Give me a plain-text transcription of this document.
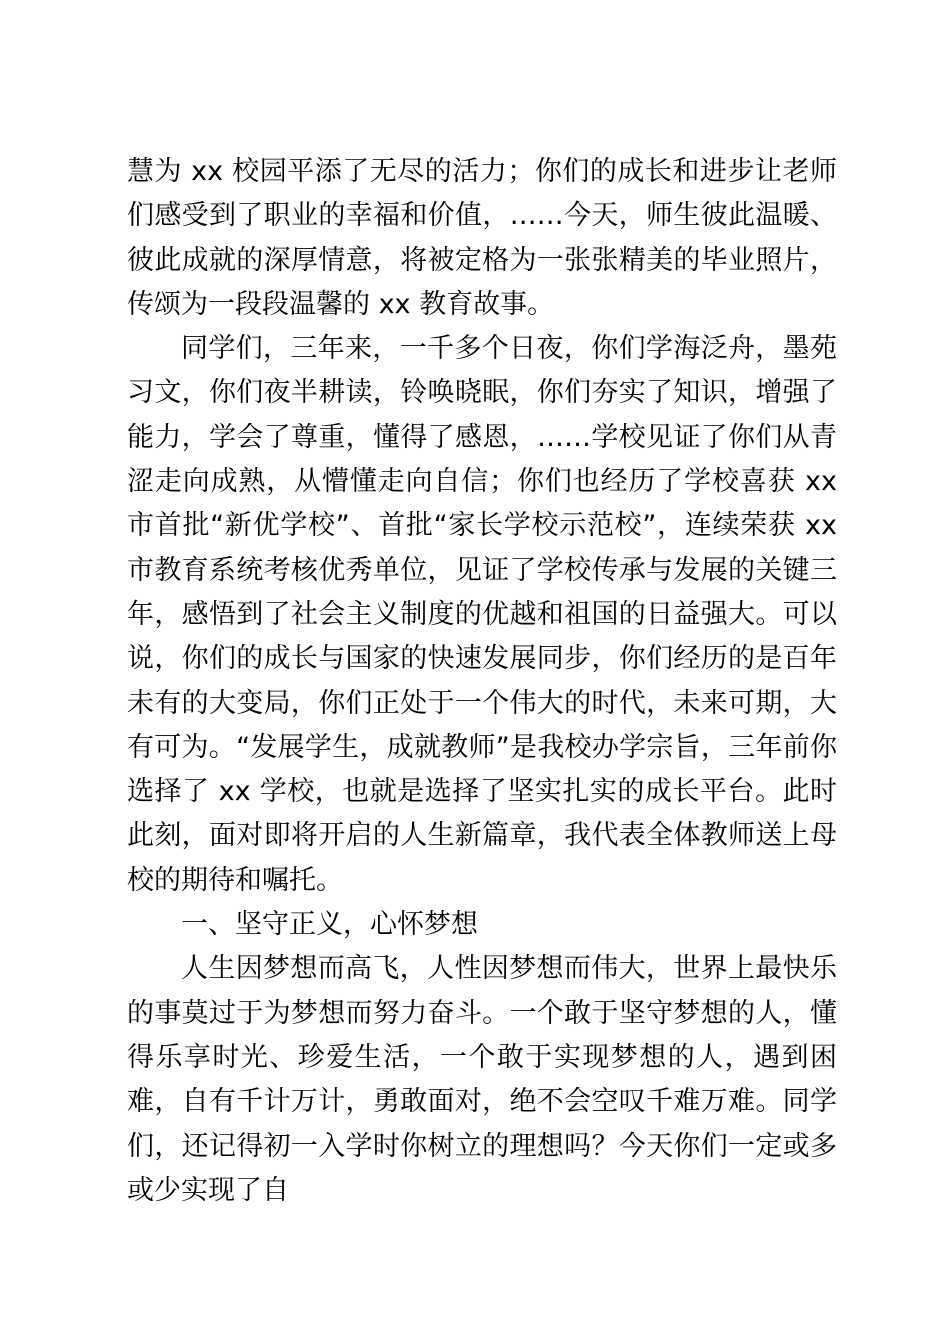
慧为 xx 校园平添了无尽的活力；你们的成长和进步让老师们感受到了职业的幸福和价值，……今天，师生彼此温暖、彼此成就的深厚情意，将被定格为一张张精美的毕业照片，传颂为一段段温馨的 xx 教育故事。

同学们，三年来，一千多个日夜，你们学海泛舟，墨苑习文，你们夜半耕读，铃唤晓眠，你们夯实了知识，增强了能力，学会了尊重，懂得了感恩，……学校见证了你们从青涩走向成熟，从懵懂走向自信；你们也经历了学校喜获 xx 市首批“新优学校”、首批“家长学校示范校”，连续荣获 xx 市教育系统考核优秀单位，见证了学校传承与发展的关键三年，感悟到了社会主义制度的优越和祖国的日益强大。可以说，你们的成长与国家的快速发展同步，你们经历的是百年未有的大变局，你们正处于一个伟大的时代，未来可期，大有可为。“发展学生，成就教师”是我校办学宗旨，三年前你选择了 xx 学校，也就是选择了坚实扎实的成长平台。此时此刻，面对即将开启的人生新篇章，我代表全体教师送上母校的期待和嘱托。

一、坚守正义，心怀梦想

人生因梦想而高飞，人性因梦想而伟大，世界上最快乐的事莫过于为梦想而努力奋斗。一个敢于坚守梦想的人，懂得乐享时光、珍爱生活，一个敢于实现梦想的人，遇到困难，自有千计万计，勇敢面对，绝不会空叹千难万难。同学们，还记得初一入学时你树立的理想吗？今天你们一定或多或少实现了自
